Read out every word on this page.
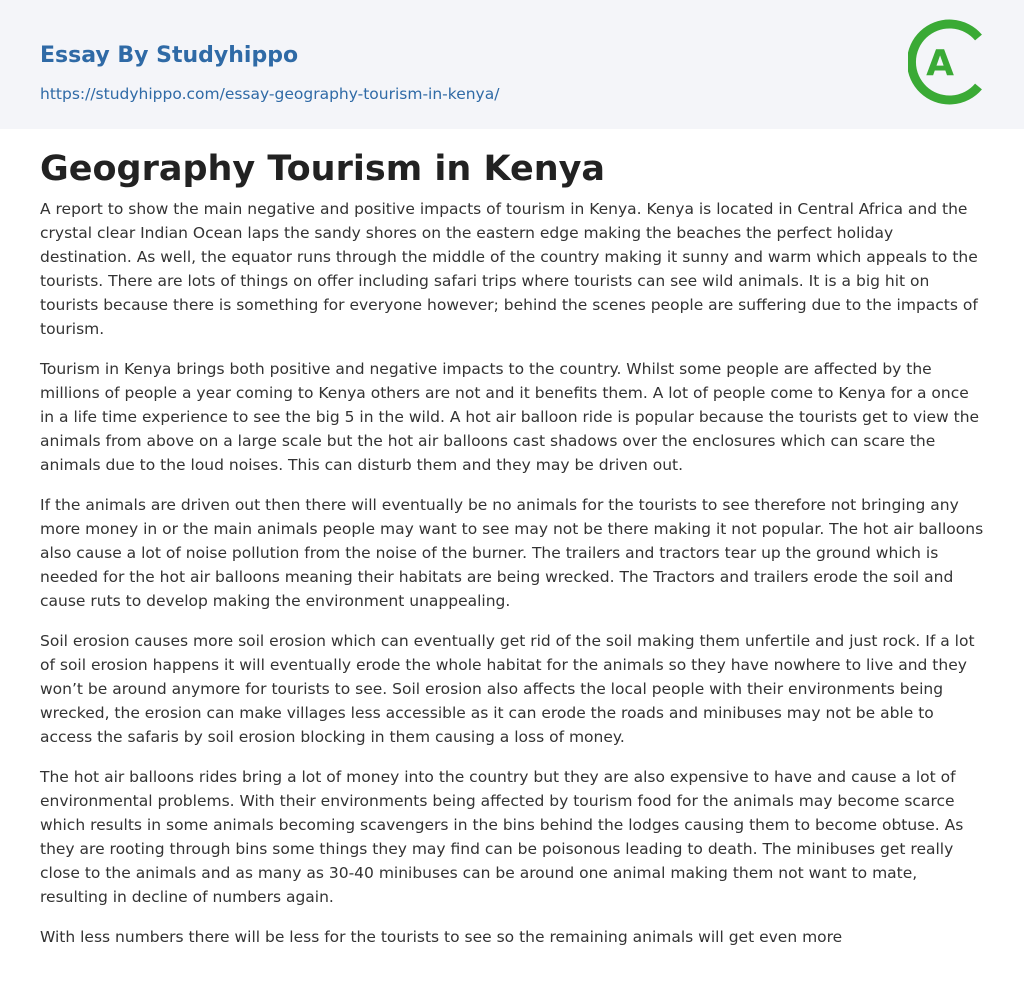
Essay By Studyhippo
https://studyhippo.com/essay-geography-tourism-in-kenya/
A
Geography Tourism in Kenya

A report to show the main negative and positive impacts of tourism in Kenya. Kenya is located in Central Africa and the crystal clear Indian Ocean laps the sandy shores on the eastern edge making the beaches the perfect holiday destination. As well, the equator runs through the middle of the country making it sunny and warm which appeals to the tourists. There are lots of things on offer including safari trips where tourists can see wild animals. It is a big hit on tourists because there is something for everyone however; behind the scenes people are suffering due to the impacts of tourism.

Tourism in Kenya brings both positive and negative impacts to the country. Whilst some people are affected by the millions of people a year coming to Kenya others are not and it benefits them. A lot of people come to Kenya for a once in a life time experience to see the big 5 in the wild. A hot air balloon ride is popular because the tourists get to view the animals from above on a large scale but the hot air balloons cast shadows over the enclosures which can scare the animals due to the loud noises. This can disturb them and they may be driven out.

If the animals are driven out then there will eventually be no animals for the tourists to see therefore not bringing any more money in or the main animals people may want to see may not be there making it not popular. The hot air balloons also cause a lot of noise pollution from the noise of the burner. The trailers and tractors tear up the ground which is needed for the hot air balloons meaning their habitats are being wrecked. The Tractors and trailers erode the soil and cause ruts to develop making the environment unappealing.

Soil erosion causes more soil erosion which can eventually get rid of the soil making them unfertile and just rock. If a lot of soil erosion happens it will eventually erode the whole habitat for the animals so they have nowhere to live and they won’t be around anymore for tourists to see. Soil erosion also affects the local people with their environments being wrecked, the erosion can make villages less accessible as it can erode the roads and minibuses may not be able to access the safaris by soil erosion blocking in them causing a loss of money.

The hot air balloons rides bring a lot of money into the country but they are also expensive to have and cause a lot of environmental problems. With their environments being affected by tourism food for the animals may become scarce which results in some animals becoming scavengers in the bins behind the lodges causing them to become obtuse. As they are rooting through bins some things they may find can be poisonous leading to death. The minibuses get really close to the animals and as many as 30-40 minibuses can be around one animal making them not want to mate, resulting in decline of numbers again.

With less numbers there will be less for the tourists to see so the remaining animals will get even more
